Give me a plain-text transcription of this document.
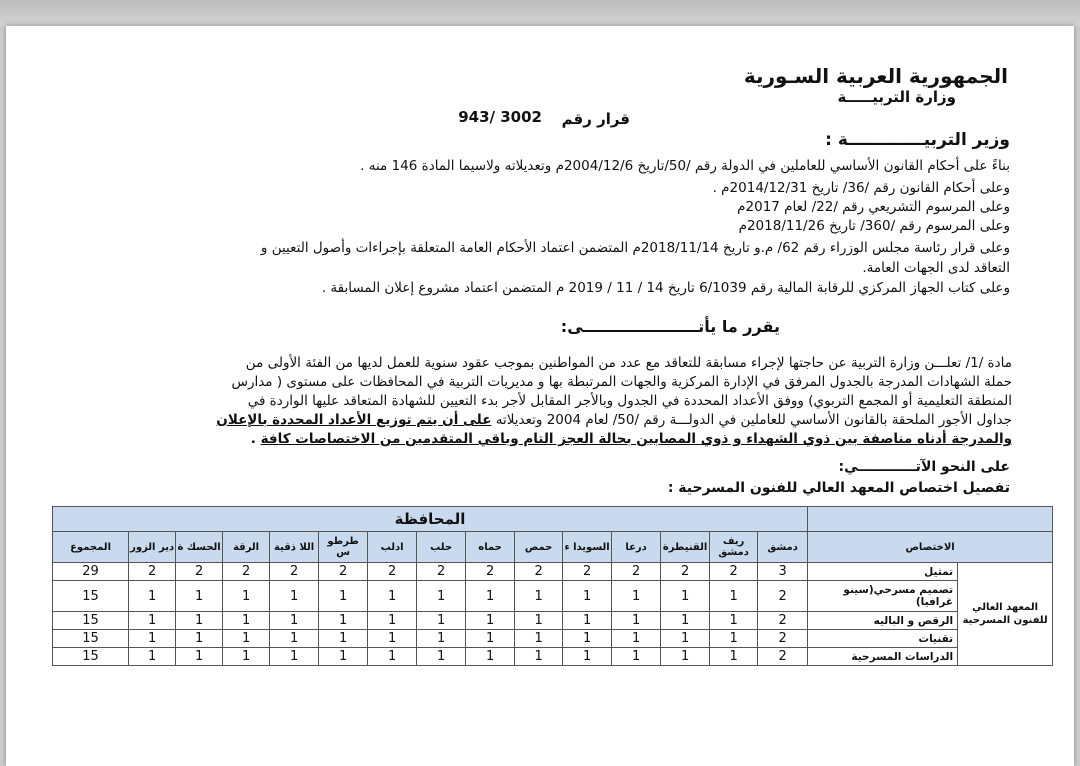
الجمهورية العربية السـورية
وزارة التربيـــــة
قرار رقم
943/ 3002
وزير التربيـــــــــــــة :
بناءً على أحكام القانون الأساسي للعاملين في الدولة رقم /50/تاريخ 2004/12/6م وتعديلاته ولاسيما المادة 146 منه .
وعلى أحكام القانون رقم /36/ تاريخ 2014/12/31م .
وعلى المرسوم التشريعي رقم /22/ لعام 2017م
وعلى المرسوم رقم /360/ تاريخ 2018/11/26م
وعلى قرار رئاسة مجلس الوزراء رقم 62/ م.و تاريخ 2018/11/14م المتضمن اعتماد الأحكام العامة المتعلقة بإجراءات وأصول التعيين و
التعاقد لدى الجهات العامة.
وعلى كتاب الجهاز المركزي للرقابة المالية رقم 6/1039 تاريخ 14 / 11 / 2019 م المتضمن اعتماد مشروع إعلان المسابقة .
يقرر ما يأتـــــــــــــــــــــى:
مادة /1/ تعلـــن وزارة التربية عن حاجتها لإجراء مسابقة للتعاقد مع عدد من المواطنين بموجب عقود سنوية للعمل لديها من الفئة الأولى من
حملة الشهادات المدرجة بالجدول المرفق في الإدارة المركزية والجهات المرتبطة بها و مديريات التربية في المحافظات على مستوى ( مدارس
المنطقة التعليمية أو المجمع التربوي) ووفق الأعداد المحددة في الجدول وبالأجر المقابل لأجر بدء التعيين للشهادة المتعاقد عليها الواردة في
جداول الأجور الملحقة بالقانون الأساسي للعاملين في الدولـــة رقم /50/ لعام 2004 وتعديلاته على أن يتم توزيع الأعداد المحددة بالإعلان
والمدرجة أدناه مناصفة بين ذوي الشهداء و ذوي المصابين بحالة العجز التام وباقي المتقدمين من الاختصاصات كافة .
على النحو الآتــــــــــــي:
تفصيل اختصاص المعهد العالي للفنون المسرحية :
		المحافظة														
الاختصاص		دمشق	ريف دمشق	القنيطرة	درعا	السويدا ء	حمص	حماه	حلب	ادلب	طرطو س	اللا ذقية	الرقة	الحسك ة	دير الزور	المجموع
المعهد العالي للفنون المسرحية	تمثيل	3	2	2	2	2	2	2	2	2	2	2	2	2	2	29
	تصميم مسرحي(سينو غرافيا)	2	1	1	1	1	1	1	1	1	1	1	1	1	1	15
	الرقص و الباليه	2	1	1	1	1	1	1	1	1	1	1	1	1	1	15
	تقنيات	2	1	1	1	1	1	1	1	1	1	1	1	1	1	15
	الدراسات المسرحية	2	1	1	1	1	1	1	1	1	1	1	1	1	1	15
